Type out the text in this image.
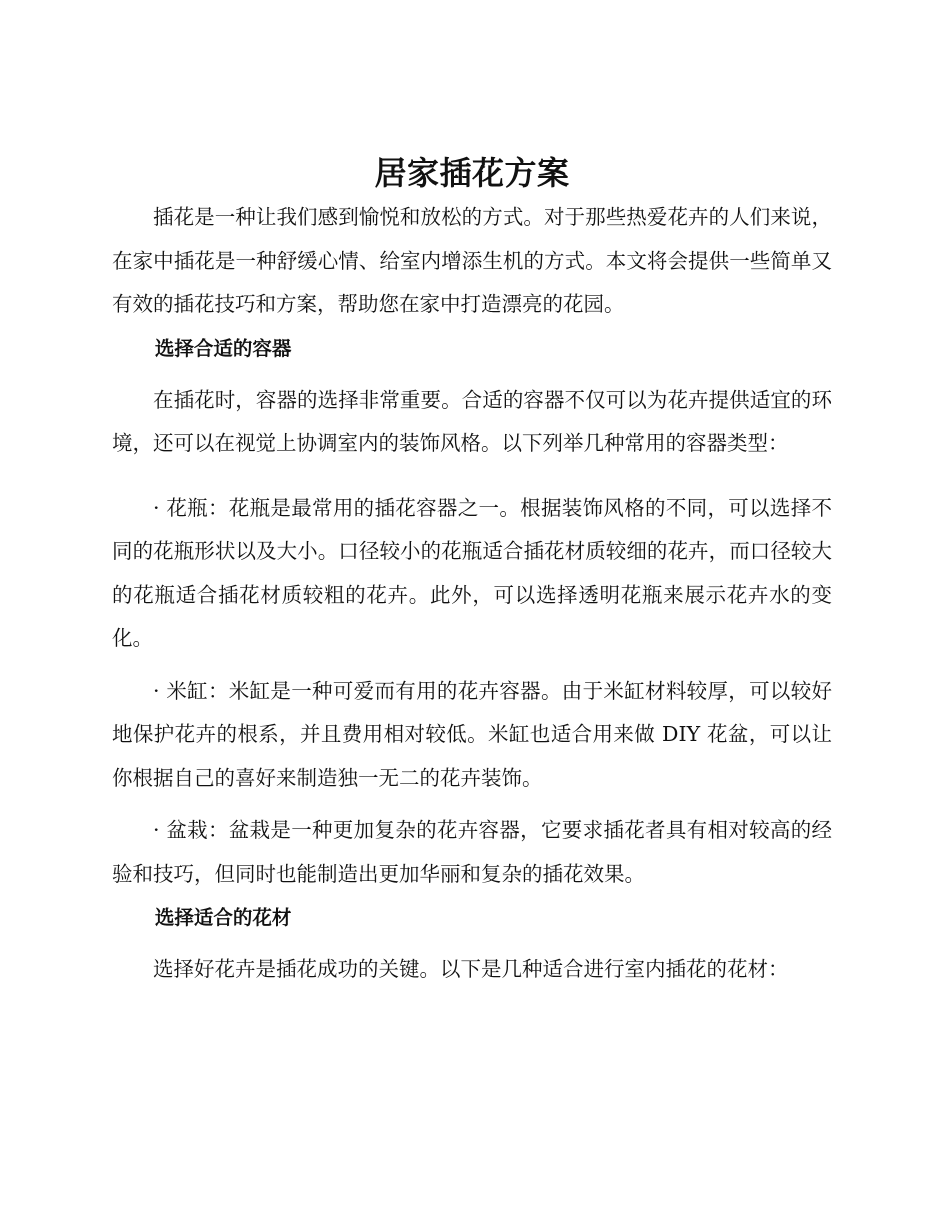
居家插花方案

插花是一种让我们感到愉悦和放松的方式。对于那些热爱花卉的人们来说，在家中插花是一种舒缓心情、给室内增添生机的方式。本文将会提供一些简单又有效的插花技巧和方案，帮助您在家中打造漂亮的花园。

选择合适的容器

在插花时，容器的选择非常重要。合适的容器不仅可以为花卉提供适宜的环境，还可以在视觉上协调室内的装饰风格。以下列举几种常用的容器类型：

· 花瓶：花瓶是最常用的插花容器之一。根据装饰风格的不同，可以选择不同的花瓶形状以及大小。口径较小的花瓶适合插花材质较细的花卉，而口径较大的花瓶适合插花材质较粗的花卉。此外，可以选择透明花瓶来展示花卉水的变化。

· 米缸：米缸是一种可爱而有用的花卉容器。由于米缸材料较厚，可以较好地保护花卉的根系，并且费用相对较低。米缸也适合用来做 DIY 花盆，可以让你根据自己的喜好来制造独一无二的花卉装饰。

· 盆栽：盆栽是一种更加复杂的花卉容器，它要求插花者具有相对较高的经验和技巧，但同时也能制造出更加华丽和复杂的插花效果。

选择适合的花材

选择好花卉是插花成功的关键。以下是几种适合进行室内插花的花材：
